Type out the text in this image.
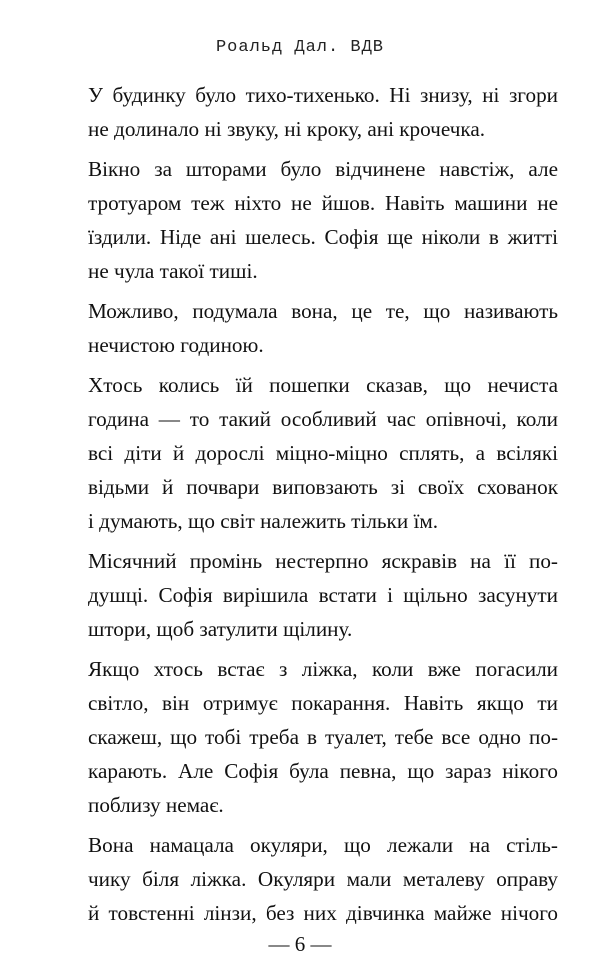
Роальд Дал. ВДВ

У будинку було тихо-тихенько. Ні знизу, ні згори
не долинало ні звуку, ні кроку, ані крочечка.

Вікно за шторами було відчинене навстіж, але
тротуаром теж ніхто не йшов. Навіть машини не
їздили. Ніде ані шелесь. Софія ще ніколи в житті
не чула такої тиші.

Можливо, подумала вона, це те, що називають
нечистою годиною.

Хтось колись їй пошепки сказав, що нечиста
година — то такий особливий час опівночі, коли
всі діти й дорослі міцно-міцно сплять, а всілякі
відьми й почвари виповзають зі своїх схованок
і думають, що світ належить тільки їм.

Місячний промінь нестерпно яскравів на її по-
душці. Софія вирішила встати і щільно засунути
штори, щоб затулити щілину.

Якщо хтось встає з ліжка, коли вже погасили
світло, він отримує покарання. Навіть якщо ти
скажеш, що тобі треба в туалет, тебе все одно по-
карають. Але Софія була певна, що зараз нікого
поблизу немає.

Вона намацала окуляри, що лежали на стіль-
чику біля ліжка. Окуляри мали металеву оправу
й товстенні лінзи, без них дівчинка майже нічого

— 6 —
